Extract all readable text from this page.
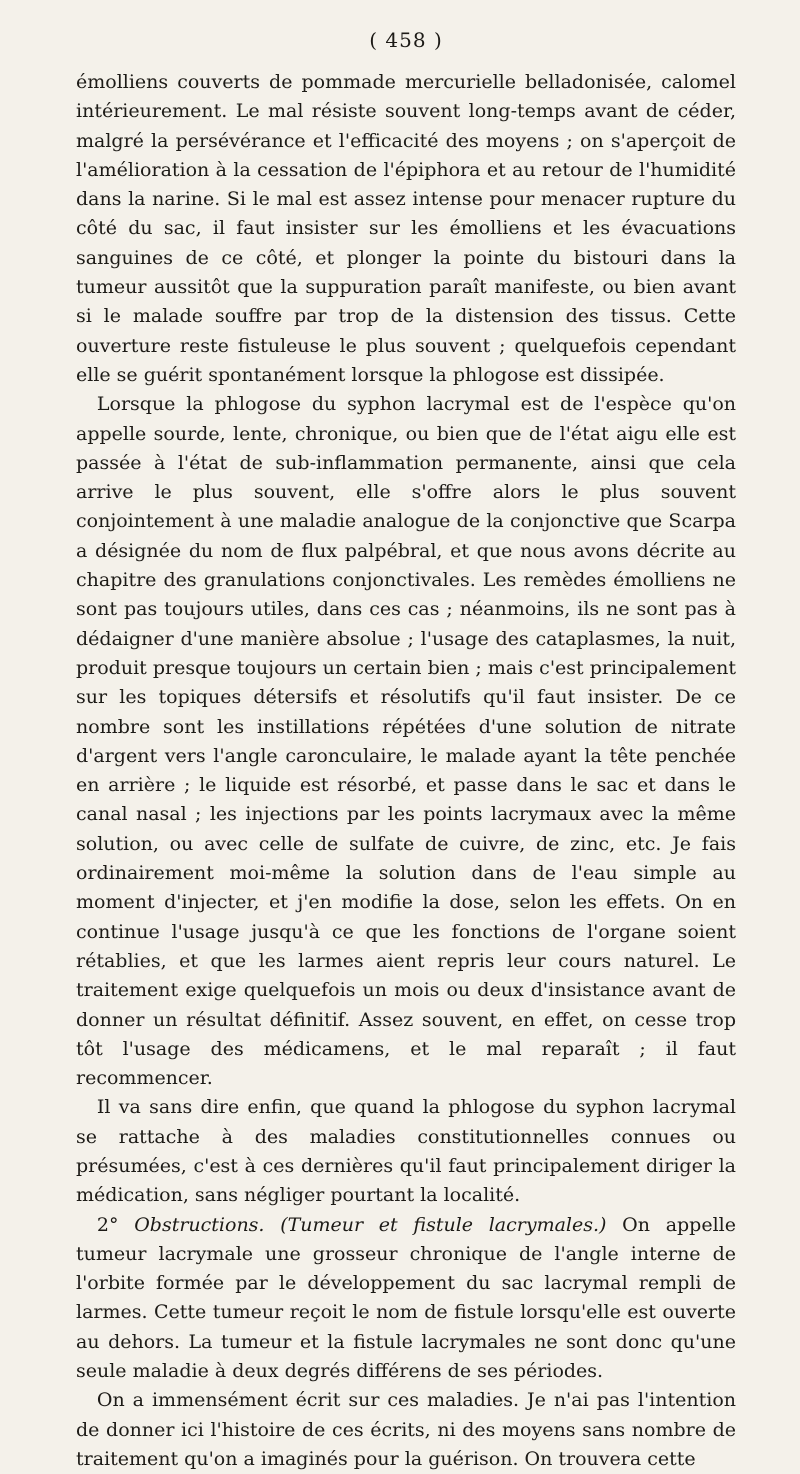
( 458 )

émolliens couverts de pommade mercurielle belladonisée, calomel intérieurement. Le mal résiste souvent long-temps avant de céder, malgré la persévérance et l'efficacité des moyens ; on s'aperçoit de l'amélioration à la cessation de l'épiphora et au retour de l'humidité dans la narine. Si le mal est assez intense pour menacer rupture du côté du sac, il faut insister sur les émolliens et les évacuations sanguines de ce côté, et plonger la pointe du bistouri dans la tumeur aussitôt que la suppuration paraît manifeste, ou bien avant si le malade souffre par trop de la distension des tissus. Cette ouverture reste fistuleuse le plus souvent ; quelquefois cependant elle se guérit spontanément lorsque la phlogose est dissipée.

Lorsque la phlogose du syphon lacrymal est de l'espèce qu'on appelle sourde, lente, chronique, ou bien que de l'état aigu elle est passée à l'état de sub-inflammation permanente, ainsi que cela arrive le plus souvent, elle s'offre alors le plus souvent conjointement à une maladie analogue de la conjonctive que Scarpa a désignée du nom de flux palpébral, et que nous avons décrite au chapitre des granulations conjonctivales. Les remèdes émolliens ne sont pas toujours utiles, dans ces cas ; néanmoins, ils ne sont pas à dédaigner d'une manière absolue ; l'usage des cataplasmes, la nuit, produit presque toujours un certain bien ; mais c'est principalement sur les topiques détersifs et résolutifs qu'il faut insister. De ce nombre sont les instillations répétées d'une solution de nitrate d'argent vers l'angle caronculaire, le malade ayant la tête penchée en arrière ; le liquide est résorbé, et passe dans le sac et dans le canal nasal ; les injections par les points lacrymaux avec la même solution, ou avec celle de sulfate de cuivre, de zinc, etc. Je fais ordinairement moi-même la solution dans de l'eau simple au moment d'injecter, et j'en modifie la dose, selon les effets. On en continue l'usage jusqu'à ce que les fonctions de l'organe soient rétablies, et que les larmes aient repris leur cours naturel. Le traitement exige quelquefois un mois ou deux d'insistance avant de donner un résultat définitif. Assez souvent, en effet, on cesse trop tôt l'usage des médicamens, et le mal reparaît ; il faut recommencer.

Il va sans dire enfin, que quand la phlogose du syphon lacrymal se rattache à des maladies constitutionnelles connues ou présumées, c'est à ces dernières qu'il faut principalement diriger la médication, sans négliger pourtant la localité.

2° Obstructions. (Tumeur et fistule lacrymales.) On appelle tumeur lacrymale une grosseur chronique de l'angle interne de l'orbite formée par le développement du sac lacrymal rempli de larmes. Cette tumeur reçoit le nom de fistule lorsqu'elle est ouverte au dehors. La tumeur et la fistule lacrymales ne sont donc qu'une seule maladie à deux degrés différens de ses périodes.

On a immensément écrit sur ces maladies. Je n'ai pas l'intention de donner ici l'histoire de ces écrits, ni des moyens sans nombre de traitement qu'on a imaginés pour la guérison. On trouvera cette
